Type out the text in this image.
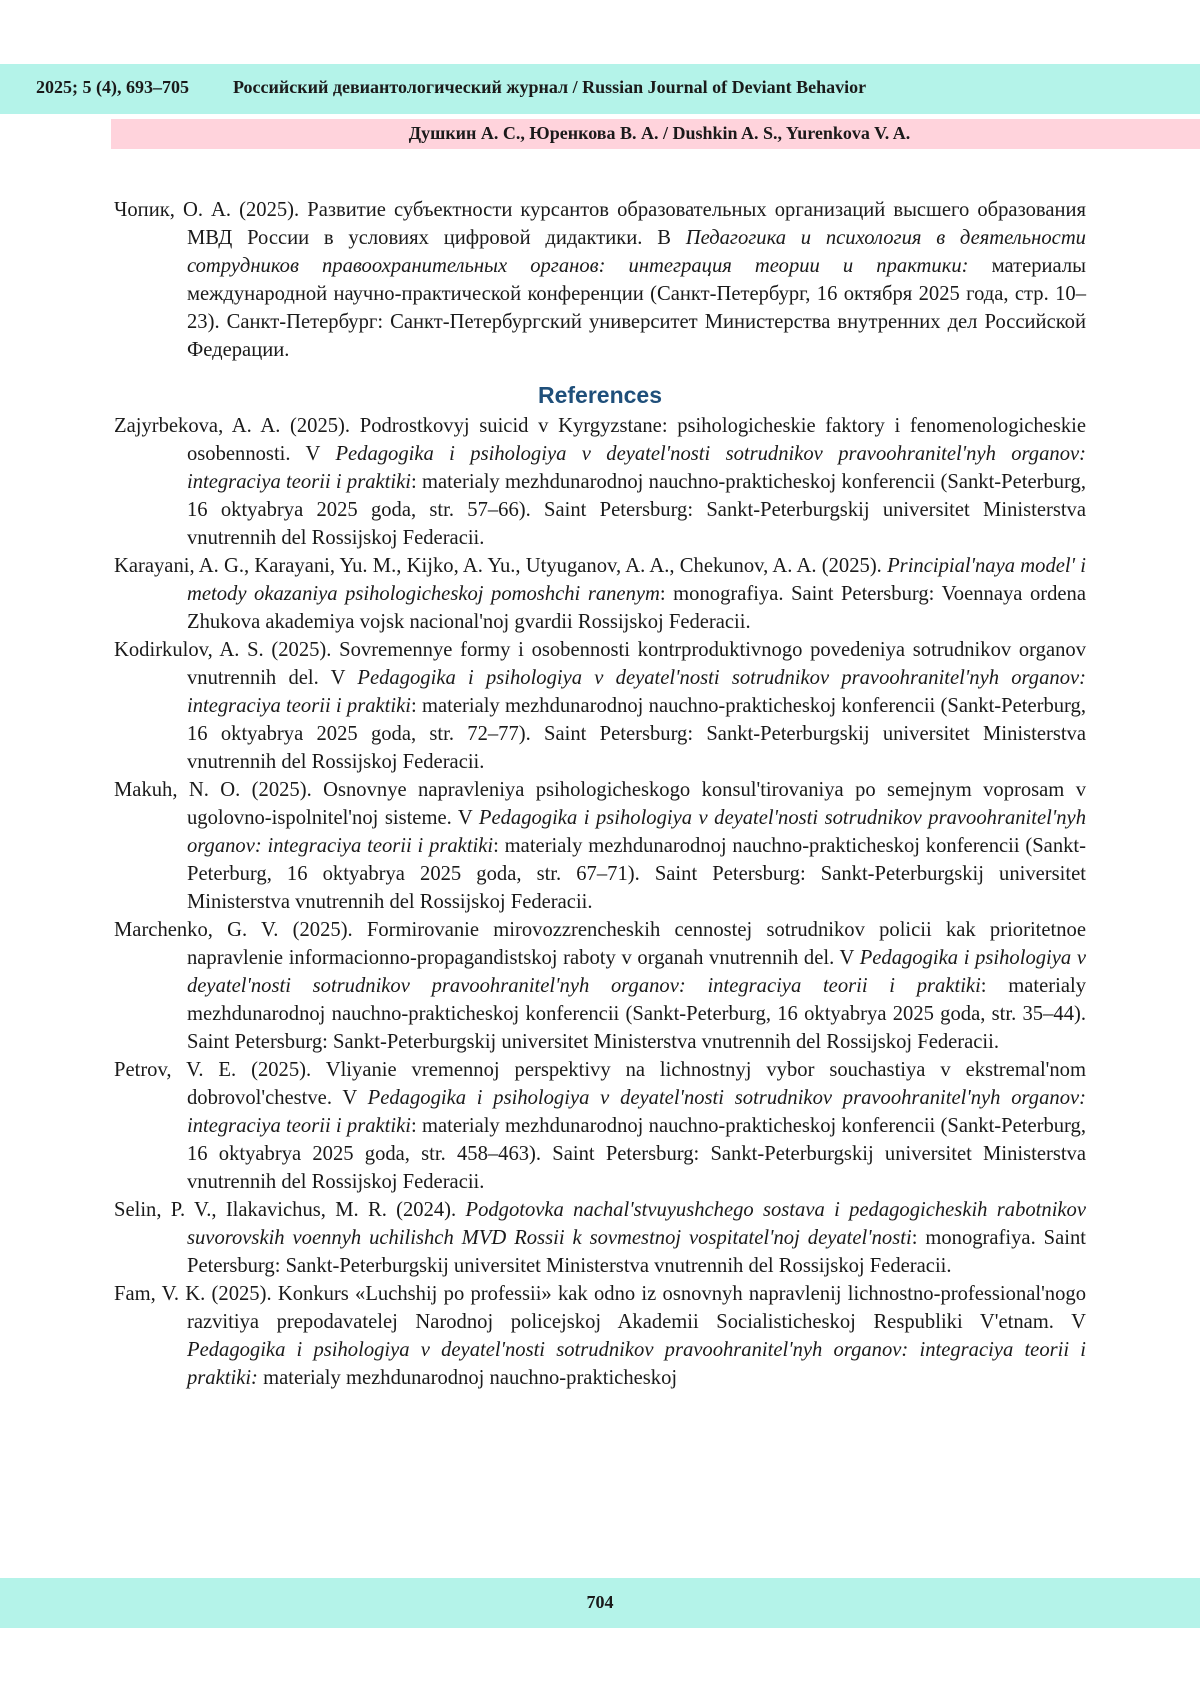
2025; 5 (4), 693–705 Российский девиантологический журнал / Russian Journal of Deviant Behavior
Душкин А. С., Юренкова В. А. / Dushkin A. S., Yurenkova V. A.

Чопик, О. А. (2025). Развитие субъектности курсантов образовательных организаций высшего образования МВД России в условиях цифровой дидактики. В Педагогика и психология в деятельности сотрудников правоохранительных органов: интеграция теории и практики: материалы международной научно-практической конференции (Санкт-Петербург, 16 октября 2025 года, стр. 10–23). Санкт-Петербург: Санкт-Петербургский университет Министерства внутренних дел Российской Федерации.

References

Zajyrbekova, A. A. (2025). Podrostkovyj suicid v Kyrgyzstane: psihologicheskie faktory i fenomenologicheskie osobennosti. V Pedagogika i psihologiya v deyatel'nosti sotrudnikov pravoohranitel'nyh organov: integraciya teorii i praktiki: materialy mezhdunarodnoj nauchno-prakticheskoj konferencii (Sankt-Peterburg, 16 oktyabrya 2025 goda, str. 57–66). Saint Petersburg: Sankt-Peterburgskij universitet Ministerstva vnutrennih del Rossijskoj Federacii.

Karayani, A. G., Karayani, Yu. M., Kijko, A. Yu., Utyuganov, A. A., Chekunov, A. A. (2025). Principial'naya model' i metody okazaniya psihologicheskoj pomoshchi ranenym: monografiya. Saint Petersburg: Voennaya ordena Zhukova akademiya vojsk nacional'noj gvardii Rossijskoj Federacii.

Kodirkulov, A. S. (2025). Sovremennye formy i osobennosti kontrproduktivnogo povedeniya sotrudnikov organov vnutrennih del. V Pedagogika i psihologiya v deyatel'nosti sotrudnikov pravoohranitel'nyh organov: integraciya teorii i praktiki: materialy mezhdunarodnoj nauchno-prakticheskoj konferencii (Sankt-Peterburg, 16 oktyabrya 2025 goda, str. 72–77). Saint Petersburg: Sankt-Peterburgskij universitet Ministerstva vnutrennih del Rossijskoj Federacii.

Makuh, N. O. (2025). Osnovnye napravleniya psihologicheskogo konsul'tirovaniya po semejnym voprosam v ugolovno-ispolnitel'noj sisteme. V Pedagogika i psihologiya v deyatel'nosti sotrudnikov pravoohranitel'nyh organov: integraciya teorii i praktiki: materialy mezhdunarodnoj nauchno-prakticheskoj konferencii (Sankt-Peterburg, 16 oktyabrya 2025 goda, str. 67–71). Saint Petersburg: Sankt-Peterburgskij universitet Ministerstva vnutrennih del Rossijskoj Federacii.

Marchenko, G. V. (2025). Formirovanie mirovozzrencheskih cennostej sotrudnikov policii kak prioritetnoe napravlenie informacionno-propagandistskoj raboty v organah vnutrennih del. V Pedagogika i psihologiya v deyatel'nosti sotrudnikov pravoohranitel'nyh organov: integraciya teorii i praktiki: materialy mezhdunarodnoj nauchno-prakticheskoj konferencii (Sankt-Peterburg, 16 oktyabrya 2025 goda, str. 35–44). Saint Petersburg: Sankt-Peterburgskij universitet Ministerstva vnutrennih del Rossijskoj Federacii.

Petrov, V. E. (2025). Vliyanie vremennoj perspektivy na lichnostnyj vybor souchastiya v ekstremal'nom dobrovol'chestve. V Pedagogika i psihologiya v deyatel'nosti sotrudnikov pravoohranitel'nyh organov: integraciya teorii i praktiki: materialy mezhdunarodnoj nauchno-prakticheskoj konferencii (Sankt-Peterburg, 16 oktyabrya 2025 goda, str. 458–463). Saint Petersburg: Sankt-Peterburgskij universitet Ministerstva vnutrennih del Rossijskoj Federacii.

Selin, P. V., Ilakavichus, M. R. (2024). Podgotovka nachal'stvuyushchego sostava i pedagogicheskih rabotnikov suvorovskih voennyh uchilishch MVD Rossii k sovmestnoj vospitatel'noj deyatel'nosti: monografiya. Saint Petersburg: Sankt-Peterburgskij universitet Ministerstva vnutrennih del Rossijskoj Federacii.

Fam, V. K. (2025). Konkurs «Luchshij po professii» kak odno iz osnovnyh napravlenij lichnostno-professional'nogo razvitiya prepodavatelej Narodnoj policejskoj Akademii Socialisticheskoj Respubliki V'etnam. V Pedagogika i psihologiya v deyatel'nosti sotrudnikov pravoohranitel'nyh organov: integraciya teorii i praktiki: materialy mezhdunarodnoj nauchno-prakticheskoj

704
